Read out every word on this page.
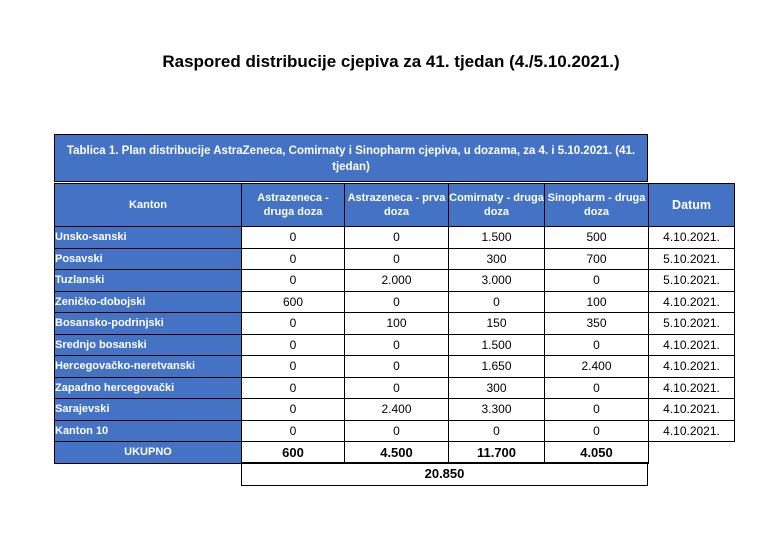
Raspored distribucije cjepiva za 41. tjedan (4./5.10.2021.)
Tablica 1. Plan distribucije AstraZeneca, Comirnaty i Sinopharm cjepiva, u dozama, za 4. i 5.10.2021. (41. tjedan)
Kanton	Astrazeneca - druga doza	Astrazeneca - prva doza	Comirnaty - druga doza	Sinopharm - druga doza	Datum
Unsko-sanski	0	0	1.500	500	4.10.2021.
Posavski	0	0	300	700	5.10.2021.
Tuzlanski	0	2.000	3.000	0	5.10.2021.
Zeničko-dobojski	600	0	0	100	4.10.2021.
Bosansko-podrinjski	0	100	150	350	5.10.2021.
Srednjo bosanski	0	0	1.500	0	4.10.2021.
Hercegovačko-neretvanski	0	0	1.650	2.400	4.10.2021.
Zapadno hercegovački	0	0	300	0	4.10.2021.
Sarajevski	0	2.400	3.300	0	4.10.2021.
Kanton 10	0	0	0	0	4.10.2021.
UKUPNO	600	4.500	11.700	4.050	
20.850
